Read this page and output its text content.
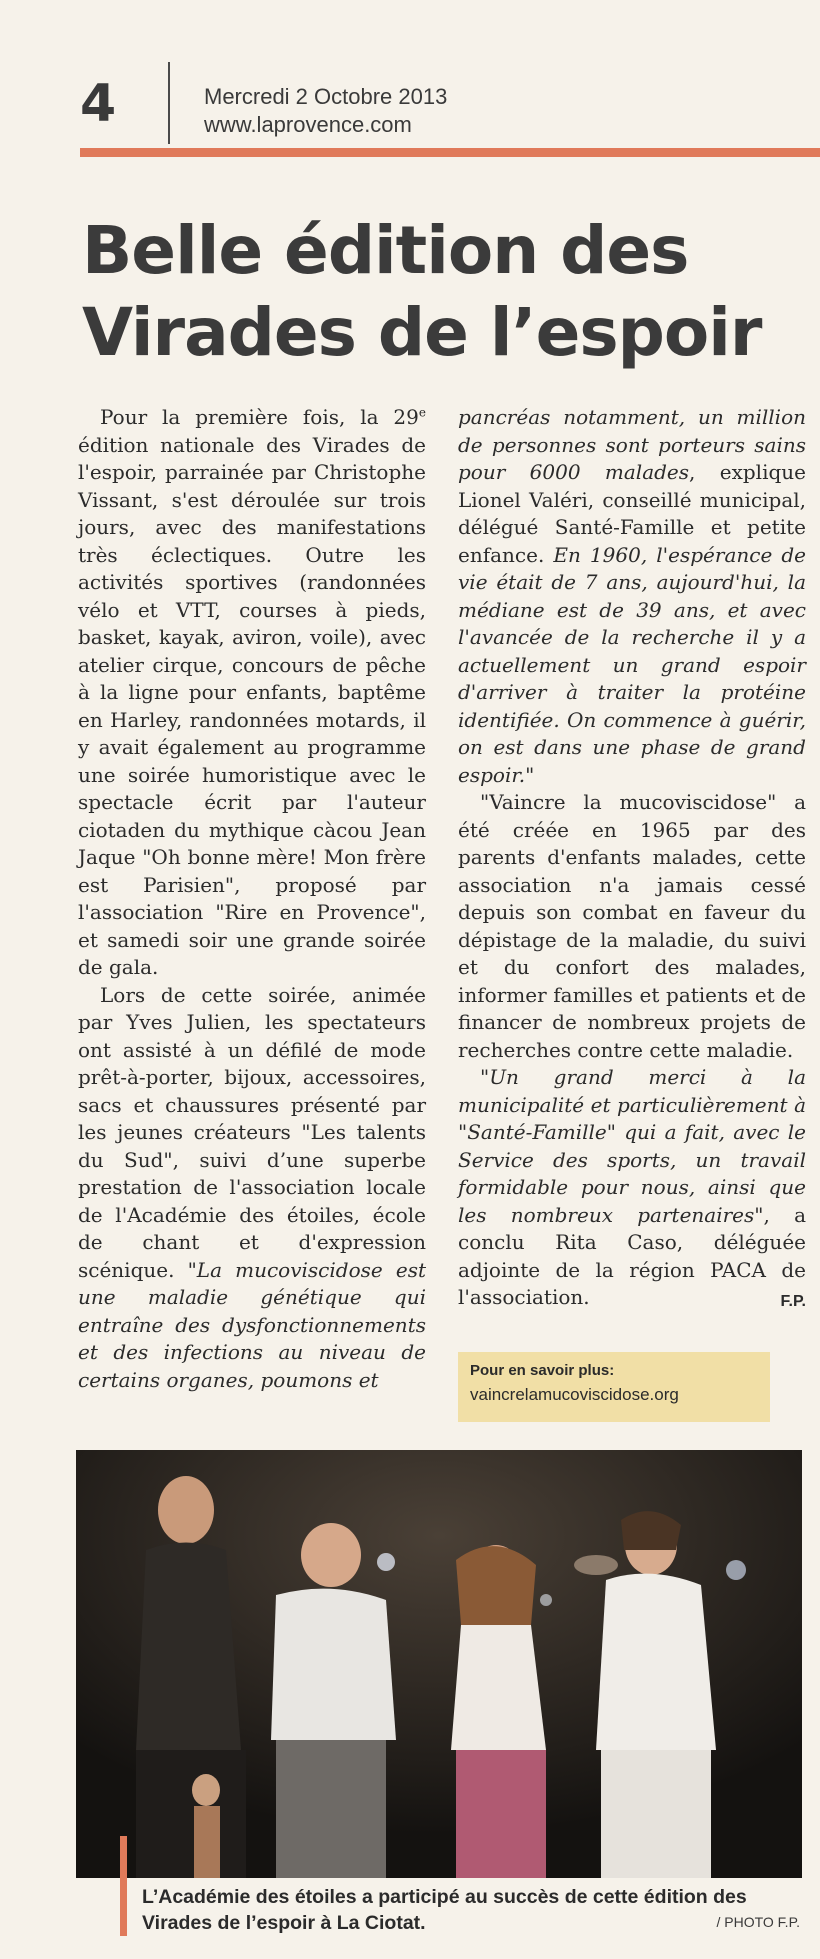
4	Mercredi 2 Octobre 2013
www.laprovence.com
Belle édition des Virades de l’espoir

Pour la première fois, la 29e édition nationale des Virades de l'espoir, parrainée par Christophe Vissant, s'est déroulée sur trois jours, avec des manifestations très éclectiques. Outre les activités sportives (randonnées vélo et VTT, courses à pieds, basket, kayak, aviron, voile), avec atelier cirque, concours de pêche à la ligne pour enfants, baptême en Harley, randonnées motards, il y avait également au programme une soirée humoristique avec le spectacle écrit par l'auteur ciotaden du mythique càcou Jean Jaque "Oh bonne mère! Mon frère est Parisien", proposé par l'association "Rire en Provence", et samedi soir une grande soirée de gala.

Lors de cette soirée, animée par Yves Julien, les spectateurs ont assisté à un défilé de mode prêt-à-porter, bijoux, accessoires, sacs et chaussures présenté par les jeunes créateurs "Les talents du Sud", suivi d’une superbe prestation de l'association locale de l'Académie des étoiles, école de chant et d'expression scénique. "La mucoviscidose est une maladie génétique qui entraîne des dysfonctionnements et des infections au niveau de certains organes, poumons et

pancréas notamment, un million de personnes sont porteurs sains pour 6000 malades, explique Lionel Valéri, conseillé municipal, délégué Santé-Famille et petite enfance. En 1960, l'espérance de vie était de 7 ans, aujourd'hui, la médiane est de 39 ans, et avec l'avancée de la recherche il y a actuellement un grand espoir d'arriver à traiter la protéine identifiée. On commence à guérir, on est dans une phase de grand espoir."

"Vaincre la mucoviscidose" a été créée en 1965 par des parents d'enfants malades, cette association n'a jamais cessé depuis son combat en faveur du dépistage de la maladie, du suivi et du confort des malades, informer familles et patients et de financer de nombreux projets de recherches contre cette maladie.

"Un grand merci à la municipalité et particulièrement à "Santé-Famille" qui a fait, avec le Service des sports, un travail formidable pour nous, ainsi que les nombreux partenaires", a conclu Rita Caso, déléguée adjointe de la région PACA de l'association.	F.P.

Pour en savoir plus:
vaincrelamucoviscidose.org
L’Académie des étoiles a participé au succès de cette édition des Virades de l’espoir à La Ciotat.	/ PHOTO F.P.
